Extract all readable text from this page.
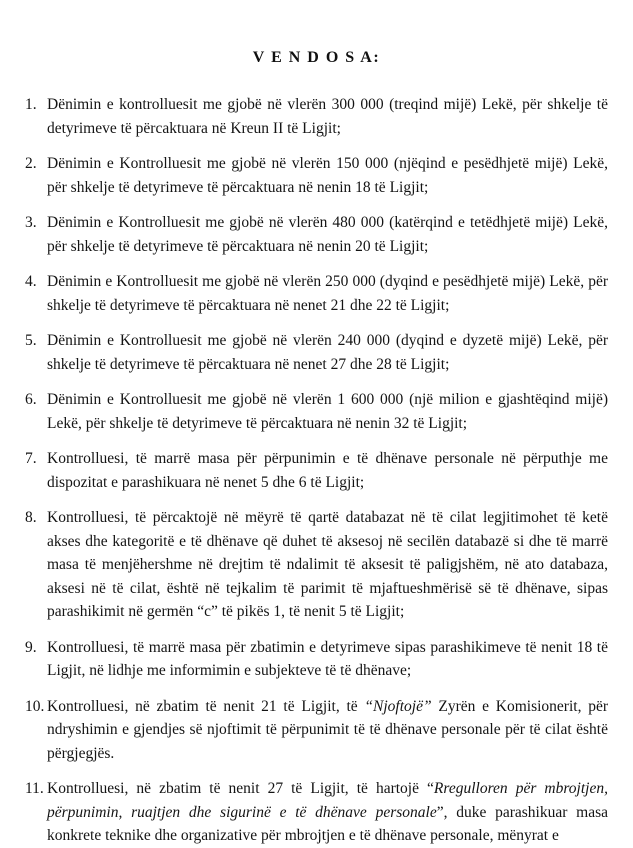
V E N D O S A:
1. Dënimin e kontrolluesit me gjobë në vlerën 300 000 (treqind mijë) Lekë, për shkelje të detyrimeve të përcaktuara në Kreun II të Ligjit;
2. Dënimin e Kontrolluesit me gjobë në vlerën 150 000 (njëqind e pesëdhjetë mijë) Lekë, për shkelje të detyrimeve të përcaktuara në nenin 18 të Ligjit;
3. Dënimin e Kontrolluesit me gjobë në vlerën 480 000 (katërqind e tetëdhjetë mijë) Lekë, për shkelje të detyrimeve të përcaktuara në nenin 20 të Ligjit;
4. Dënimin e Kontrolluesit me gjobë në vlerën 250 000 (dyqind e pesëdhjetë mijë) Lekë, për shkelje të detyrimeve të përcaktuara në nenet 21 dhe 22 të Ligjit;
5. Dënimin e Kontrolluesit me gjobë në vlerën 240 000 (dyqind e dyzetë mijë) Lekë, për shkelje të detyrimeve të përcaktuara në nenet 27 dhe 28 të Ligjit;
6. Dënimin e Kontrolluesit me gjobë në vlerën 1 600 000 (një milion e gjashtëqind mijë) Lekë, për shkelje të detyrimeve të përcaktuara në nenin 32 të Ligjit;
7. Kontrolluesi, të marrë masa për përpunimin e të dhënave personale në përputhje me dispozitat e parashikuara në nenet 5 dhe 6 të Ligjit;
8. Kontrolluesi, të përcaktojë në mëyrë të qartë databazat në të cilat legjitimohet të ketë akses dhe kategoritë e të dhënave që duhet të aksesoj në secilën databazë si dhe të marrë masa të menjëhershme në drejtim të ndalimit të aksesit të paligjshëm, në ato databaza, aksesi në të cilat, është në tejkalim të parimit të mjaftueshmërisë së të dhënave, sipas parashikimit në germën “c” të pikës 1, të nenit 5 të Ligjit;
9. Kontrolluesi, të marrë masa për zbatimin e detyrimeve sipas parashikimeve të nenit 18 të Ligjit, në lidhje me informimin e subjekteve të të dhënave;
10. Kontrolluesi, në zbatim të nenit 21 të Ligjit, të “Njoftojë” Zyrën e Komisionerit, për ndryshimin e gjendjes së njoftimit të përpunimit të të dhënave personale për të cilat është përgjegjës.
11. Kontrolluesi, në zbatim të nenit 27 të Ligjit, të hartojë “Rregulloren për mbrojtjen, përpunimin, ruajtjen dhe sigurinë e të dhënave personale”, duke parashikuar masa konkrete teknike dhe organizative për mbrojtjen e të dhënave personale, mënyrat e
